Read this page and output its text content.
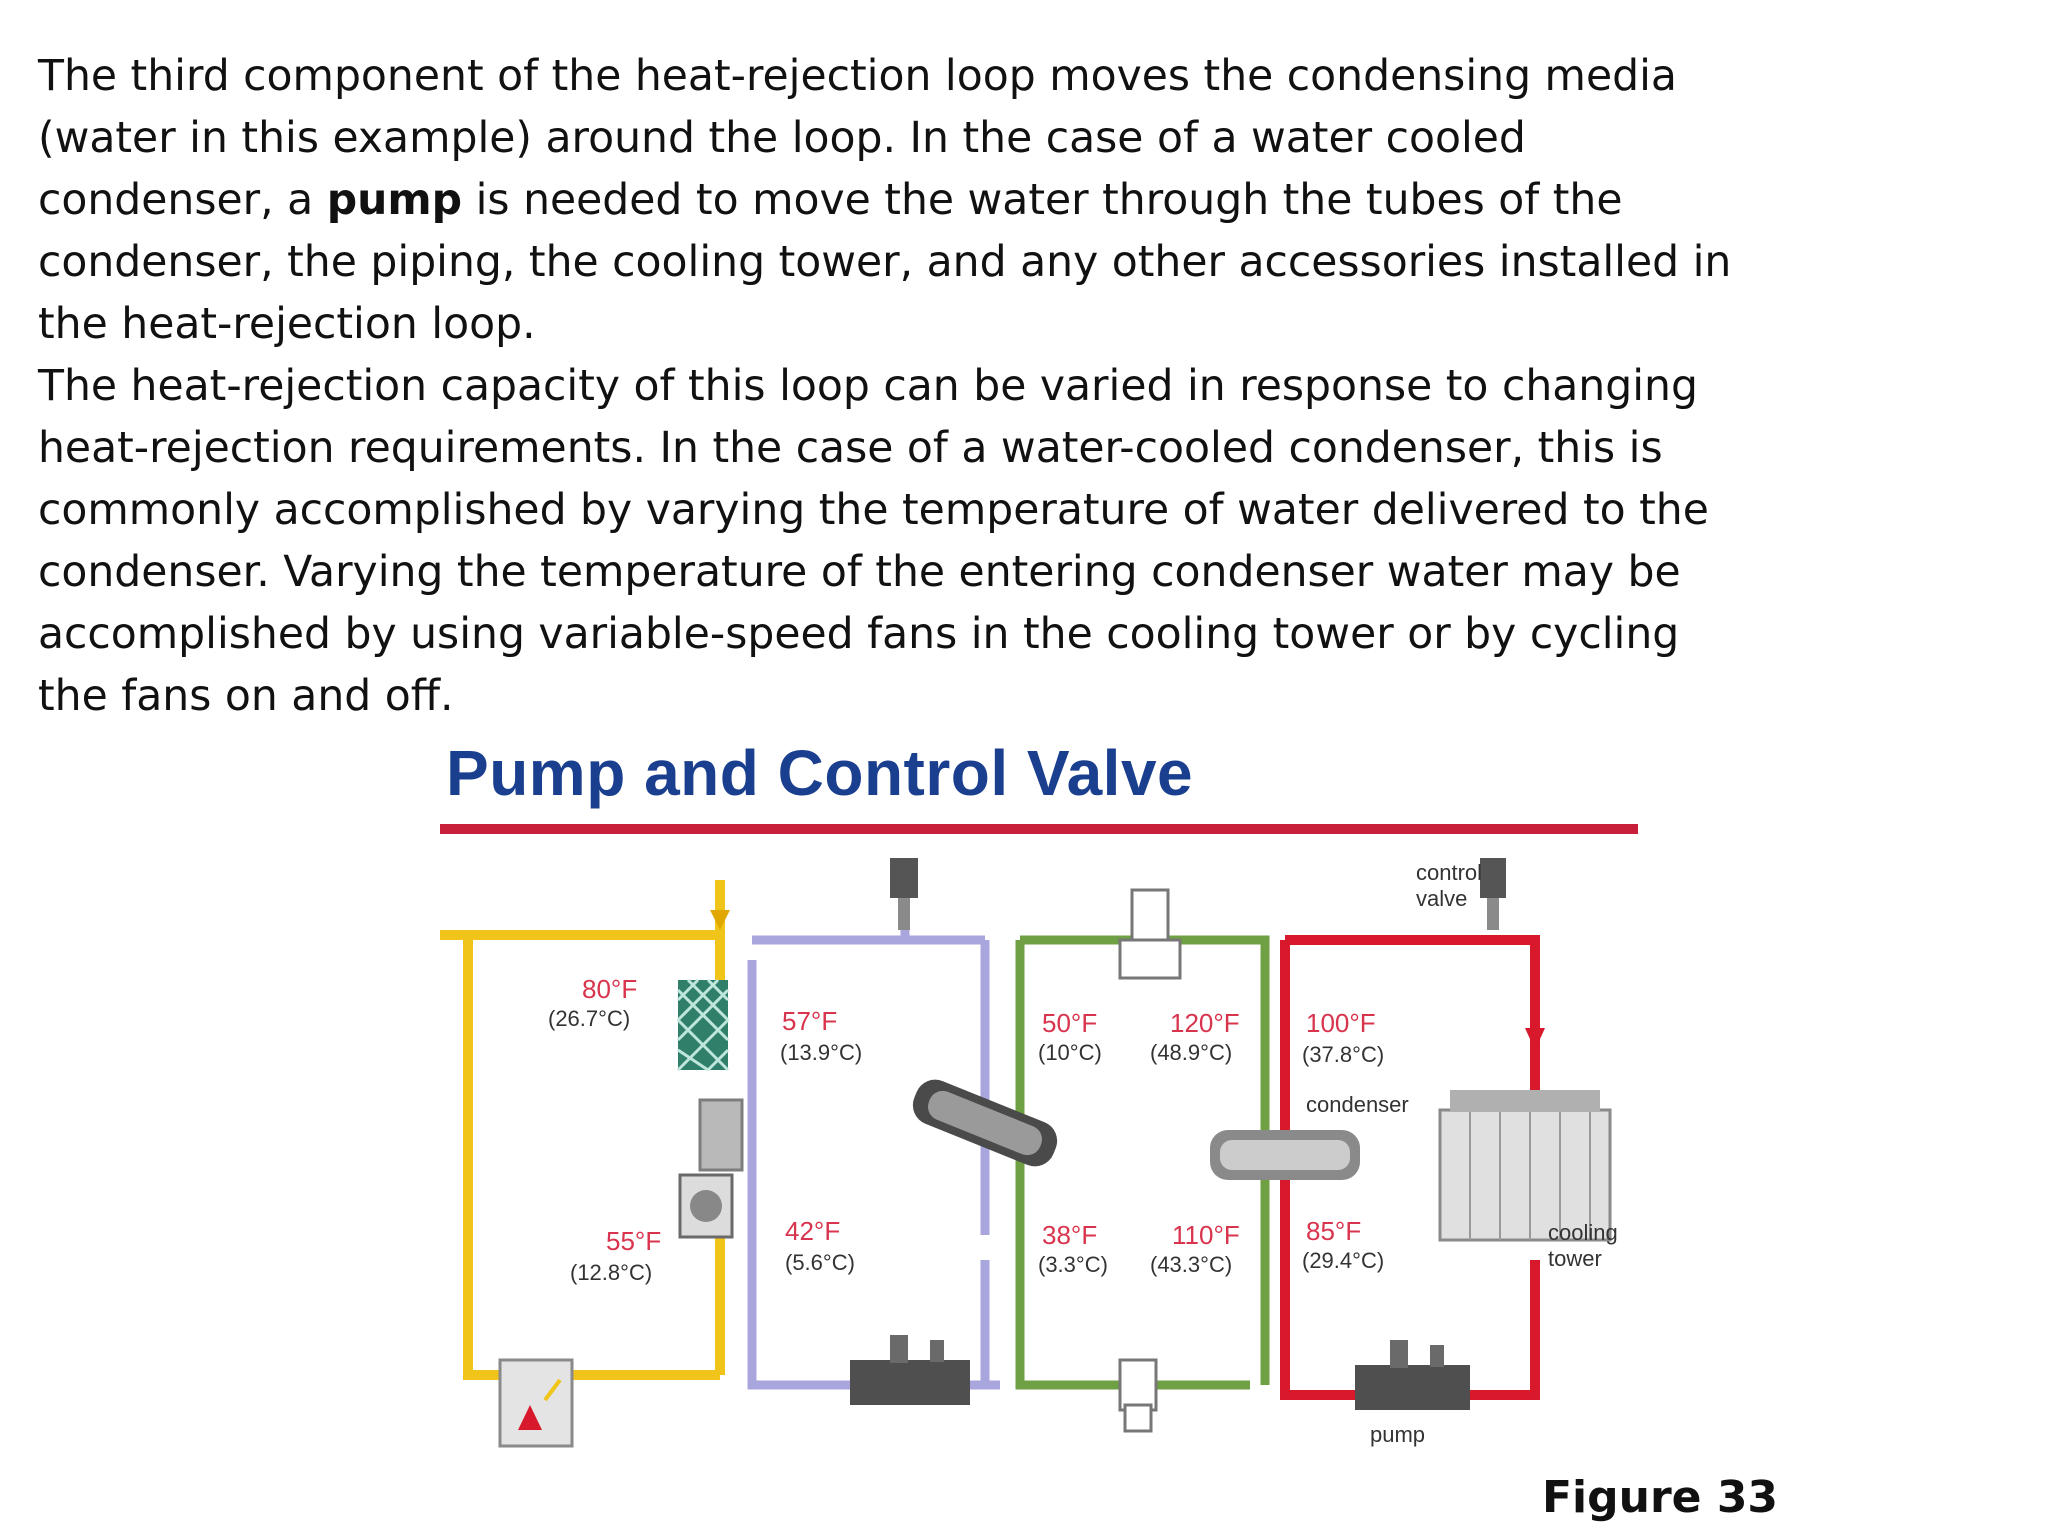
The third component of the heat-rejection loop moves the condensing media (water in this example) around the loop. In the case of a water cooled condenser, a pump is needed to move the water through the tubes of the condenser, the piping, the cooling tower, and any other accessories installed in the heat-rejection loop.

The heat-rejection capacity of this loop can be varied in response to changing heat-rejection requirements. In the case of a water-cooled condenser, this is commonly accomplished by varying the temperature of water delivered to the condenser. Varying the temperature of the entering condenser water may be accomplished by using variable-speed fans in the cooling tower or by cycling the fans on and off.

Pump and Control Valve
80°F
(26.7°C)	57°F
(13.9°C)
55°F
(12.8°C)
42°F
(5.6°C)
50°F
(10°C)
120°F
(48.9°C)
38°F
(3.3°C)
110°F
(43.3°C)
100°F
(37.8°C)
85°F
(29.4°C)
control
valve
condenser
cooling
tower
pump
Figure 33
